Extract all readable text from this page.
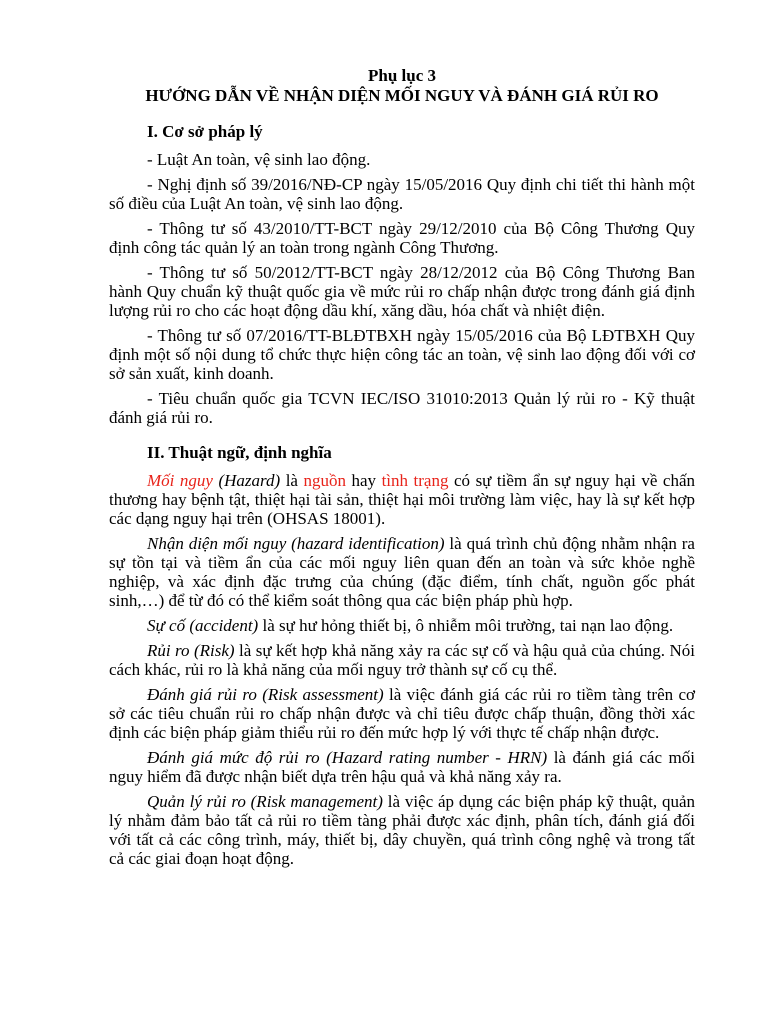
Phụ lục 3

HƯỚNG DẪN VỀ NHẬN DIỆN MỐI NGUY VÀ ĐÁNH GIÁ RỦI RO

I. Cơ sở pháp lý

- Luật An toàn, vệ sinh lao động.

- Nghị định số 39/2016/NĐ-CP ngày 15/05/2016 Quy định chi tiết thi hành một số điều của Luật An toàn, vệ sinh lao động.

- Thông tư số 43/2010/TT-BCT ngày 29/12/2010 của Bộ Công Thương Quy định công tác quản lý an toàn trong ngành Công Thương.

- Thông tư số 50/2012/TT-BCT ngày 28/12/2012 của Bộ Công Thương Ban hành Quy chuẩn kỹ thuật quốc gia về mức rủi ro chấp nhận được trong đánh giá định lượng rủi ro cho các hoạt động dầu khí, xăng dầu, hóa chất và nhiệt điện.

- Thông tư số 07/2016/TT-BLĐTBXH ngày 15/05/2016 của Bộ LĐTBXH Quy định một số nội dung tổ chức thực hiện công tác an toàn, vệ sinh lao động đối với cơ sở sản xuất, kinh doanh.

- Tiêu chuẩn quốc gia TCVN IEC/ISO 31010:2013 Quản lý rủi ro - Kỹ thuật đánh giá rủi ro.

II. Thuật ngữ, định nghĩa

Mối nguy (Hazard) là nguồn hay tình trạng có sự tiềm ẩn sự nguy hại về chấn thương hay bệnh tật, thiệt hại tài sản, thiệt hại môi trường làm việc, hay là sự kết hợp các dạng nguy hại trên (OHSAS 18001).

Nhận diện mối nguy (hazard identification) là quá trình chủ động nhằm nhận ra sự tồn tại và tiềm ẩn của các mối nguy liên quan đến an toàn và sức khỏe nghề nghiệp, và xác định đặc trưng của chúng (đặc điểm, tính chất, nguồn gốc phát sinh,…) để từ đó có thể kiểm soát thông qua các biện pháp phù hợp.

Sự cố (accident) là sự hư hỏng thiết bị, ô nhiễm môi trường, tai nạn lao động.

Rủi ro (Risk) là sự kết hợp khả năng xảy ra các sự cố và hậu quả của chúng. Nói cách khác, rủi ro là khả năng của mối nguy trở thành sự cố cụ thể.

Đánh giá rủi ro (Risk assessment) là việc đánh giá các rủi ro tiềm tàng trên cơ sở các tiêu chuẩn rủi ro chấp nhận được và chỉ tiêu được chấp thuận, đồng thời xác định các biện pháp giảm thiểu rủi ro đến mức hợp lý với thực tế chấp nhận được.

Đánh giá mức độ rủi ro (Hazard rating number - HRN) là đánh giá các mối nguy hiểm đã được nhận biết dựa trên hậu quả và khả năng xảy ra.

Quản lý rủi ro (Risk management) là việc áp dụng các biện pháp kỹ thuật, quản lý nhằm đảm bảo tất cả rủi ro tiềm tàng phải được xác định, phân tích, đánh giá đối với tất cả các công trình, máy, thiết bị, dây chuyền, quá trình công nghệ và trong tất cả các giai đoạn hoạt động.
